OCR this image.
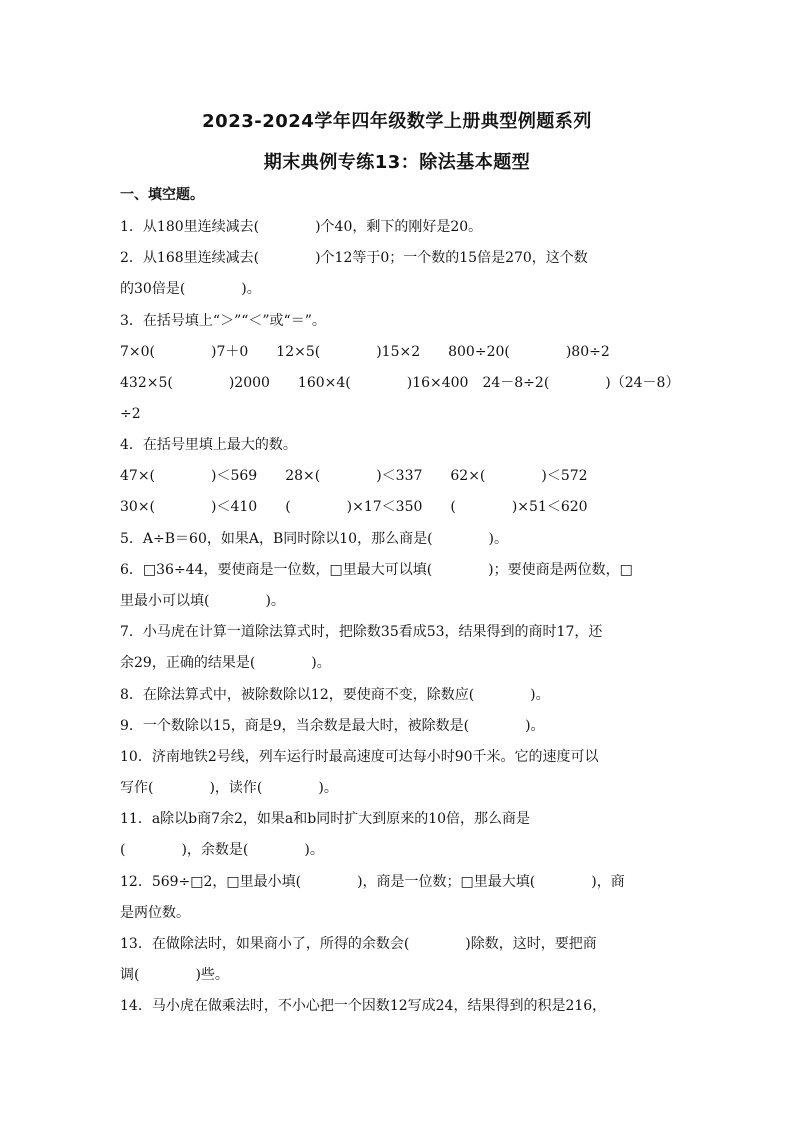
2023-2024学年四年级数学上册典型例题系列
期末典例专练13：除法基本题型
一、填空题。
1．从180里连续减去(　　　　)个40，剩下的刚好是20。
2．从168里连续减去(　　　　)个12等于0；一个数的15倍是270，这个数
的30倍是(　　　　)。
3．在括号填上“＞”“＜”或“＝”。
7×0(　　　　)7＋0　　12×5(　　　　)15×2　　800÷20(　　　　)80÷2
432×5(　　　　)2000　　160×4(　　　　)16×400　24－8÷2(　　　　)（24－8）
÷2
4．在括号里填上最大的数。
47×(　　　　)＜569　　28×(　　　　)＜337　　62×(　　　　)＜572
30×(　　　　)＜410　　(　　　　)×17＜350　　(　　　　)×51＜620
5．A÷B＝60，如果A，B同时除以10，那么商是(　　　　)。
6．□36÷44，要使商是一位数，□里最大可以填(　　　　)；要使商是两位数，□
里最小可以填(　　　　)。
7．小马虎在计算一道除法算式时，把除数35看成53，结果得到的商时17，还
余29，正确的结果是(　　　　)。
8．在除法算式中，被除数除以12，要使商不变，除数应(　　　　)。
9．一个数除以15，商是9，当余数是最大时，被除数是(　　　　)。
10．济南地铁2号线，列车运行时最高速度可达每小时90千米。它的速度可以
写作(　　　　)，读作(　　　　)。
11．a除以b商7余2，如果a和b同时扩大到原来的10倍，那么商是
(　　　　)，余数是(　　　　)。
12．569÷□2，□里最小填(　　　　)，商是一位数；□里最大填(　　　　)，商
是两位数。
13．在做除法时，如果商小了，所得的余数会(　　　　)除数，这时，要把商
调(　　　　)些。
14．马小虎在做乘法时，不小心把一个因数12写成24，结果得到的积是216，
